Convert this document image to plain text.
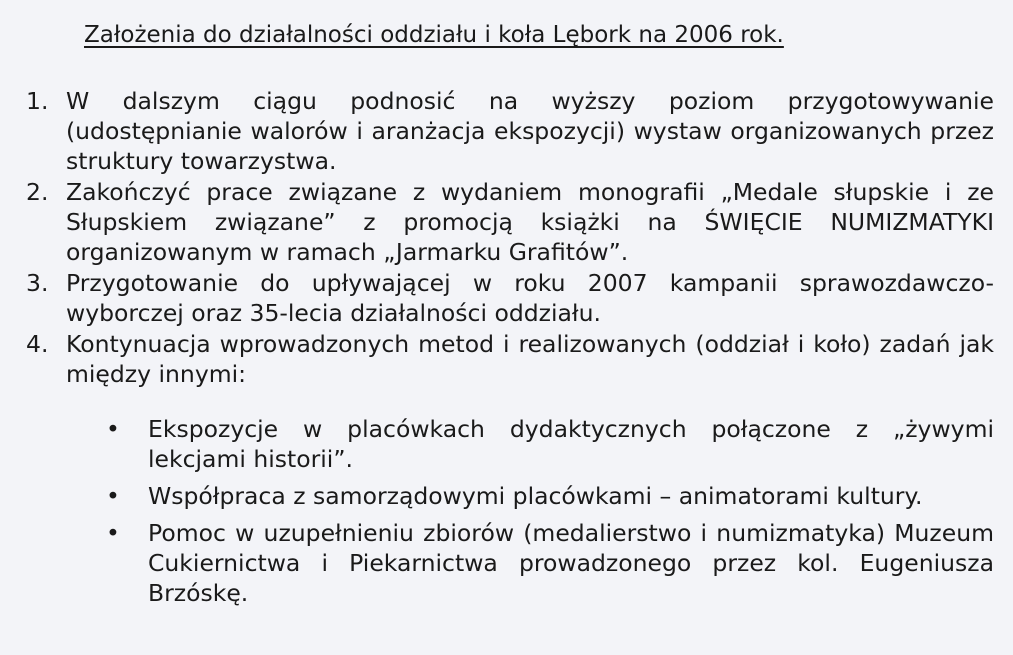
Założenia do działalności oddziału i koła Lębork na 2006 rok.
1. W dalszym ciągu podnosić na wyższy poziom przygotowywanie (udostępnianie walorów i aranżacja ekspozycji) wystaw organizowanych przez struktury towarzystwa.
2. Zakończyć prace związane z wydaniem monografii „Medale słupskie i ze Słupskiem związane” z promocją książki na ŚWIĘCIE NUMIZMATYKI organizowanym w ramach „Jarmarku Grafitów”.
3. Przygotowanie do upływającej w roku 2007 kampanii sprawozdawczo-wyborczej oraz 35-lecia działalności oddziału.
4. Kontynuacja wprowadzonych metod i realizowanych (oddział i koło) zadań jak między innymi:
•	Ekspozycje w placówkach dydaktycznych połączone z „żywymi lekcjami historii”.
•	Współpraca z samorządowymi placówkami – animatorami kultury.
•	Pomoc w uzupełnieniu zbiorów (medalierstwo i numizmatyka) Muzeum Cukiernictwa i Piekarnictwa prowadzonego przez kol. Eugeniusza Brzóskę.
